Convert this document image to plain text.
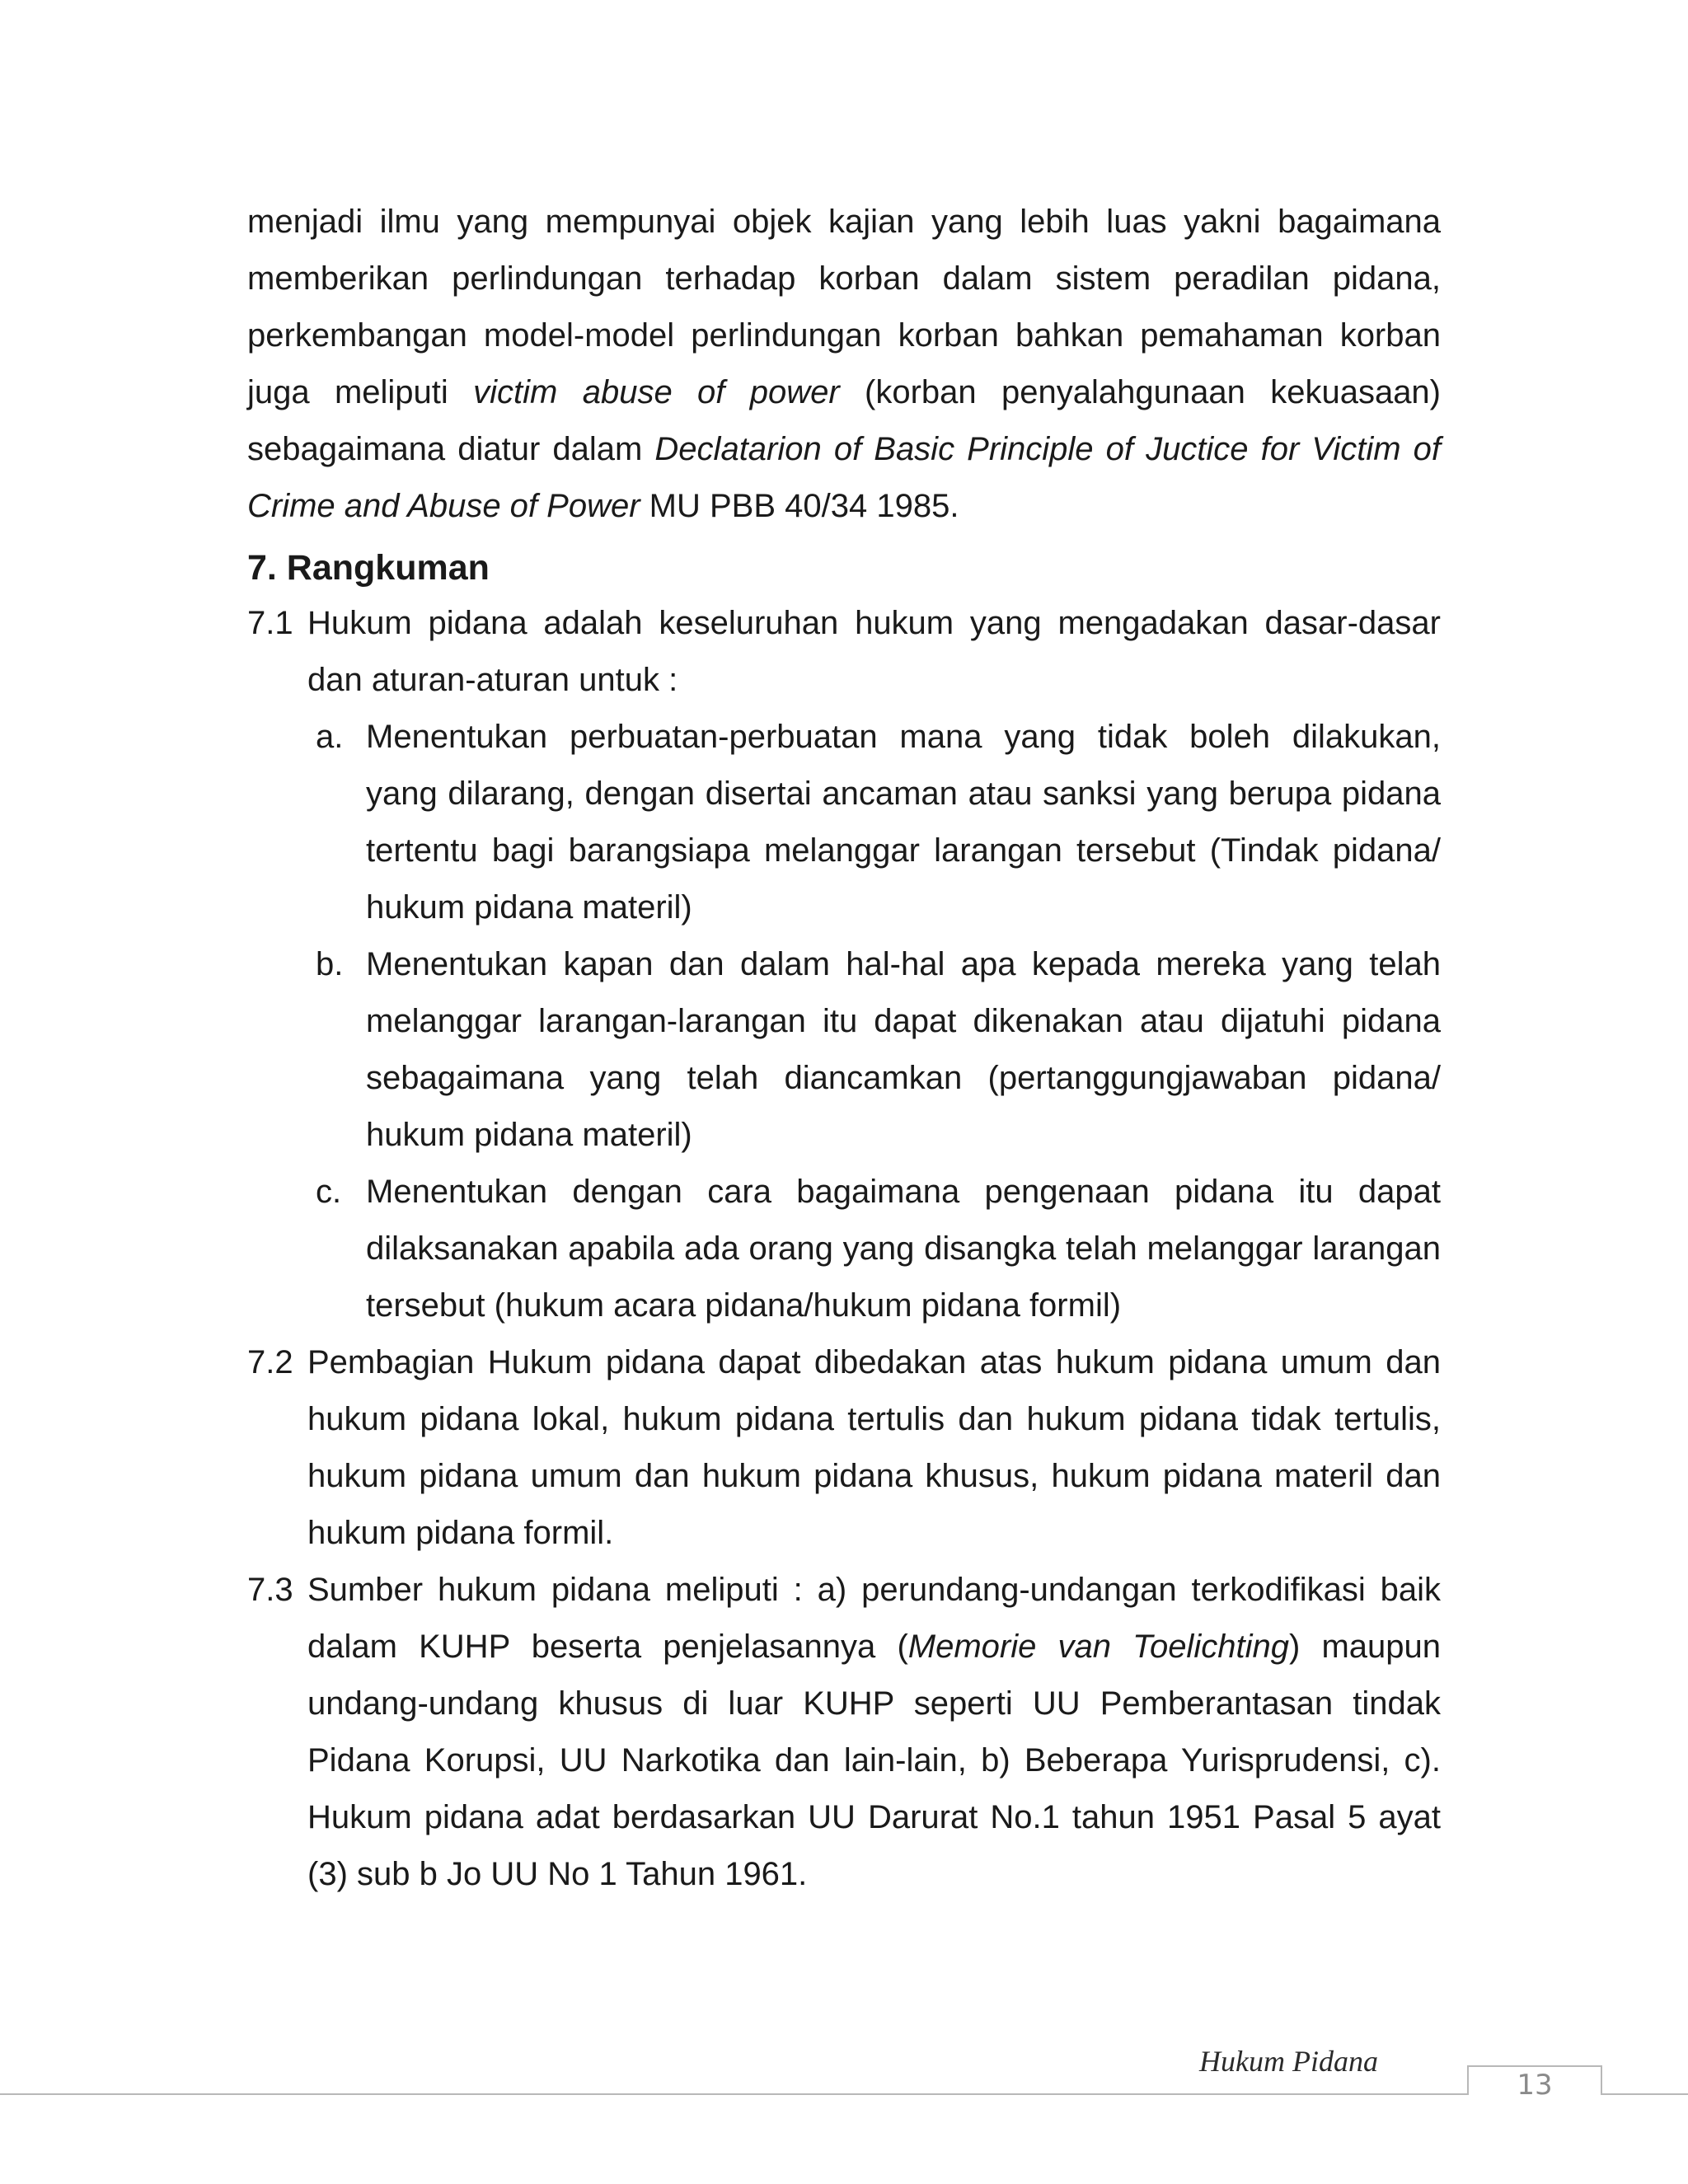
menjadi ilmu yang mempunyai objek kajian yang lebih luas yakni bagaimana memberikan perlindungan terhadap korban dalam sistem peradilan pidana, perkembangan model-model perlindungan korban bahkan pemahaman korban juga meliputi victim abuse of power (korban penyalahgunaan kekuasaan) sebagaimana diatur dalam Declatarion of Basic Principle of Juctice for Victim of Crime and Abuse of Power MU PBB 40/34 1985.

7. Rangkuman
7.1 Hukum pidana adalah keseluruhan hukum yang mengadakan dasar-dasar dan aturan-aturan untuk :
a. Menentukan perbuatan-perbuatan mana yang tidak boleh dilakukan, yang dilarang, dengan disertai ancaman atau sanksi yang berupa pidana tertentu bagi barangsiapa melanggar larangan tersebut (Tindak pidana/ hukum pidana materil)
b. Menentukan kapan dan dalam hal-hal apa kepada mereka yang telah melanggar larangan-larangan itu dapat dikenakan atau dijatuhi pidana sebagaimana yang telah diancamkan (pertanggungjawaban pidana/ hukum pidana materil)
c. Menentukan dengan cara bagaimana pengenaan pidana itu dapat dilaksanakan apabila ada orang yang disangka telah melanggar larangan tersebut (hukum acara pidana/hukum pidana formil)
7.2 Pembagian Hukum pidana dapat dibedakan atas hukum pidana umum dan hukum pidana lokal, hukum pidana tertulis dan hukum pidana tidak tertulis, hukum pidana umum dan hukum pidana khusus, hukum pidana materil dan hukum pidana formil.
7.3 Sumber hukum pidana meliputi : a) perundang-undangan terkodifikasi baik dalam KUHP beserta penjelasannya (Memorie van Toelichting) maupun undang-undang khusus di luar KUHP seperti UU Pemberantasan tindak Pidana Korupsi, UU Narkotika dan lain-lain, b) Beberapa Yurisprudensi, c). Hukum pidana adat berdasarkan UU Darurat No.1 tahun 1951 Pasal 5 ayat (3) sub b Jo UU No 1 Tahun 1961.
Hukum Pidana
13
